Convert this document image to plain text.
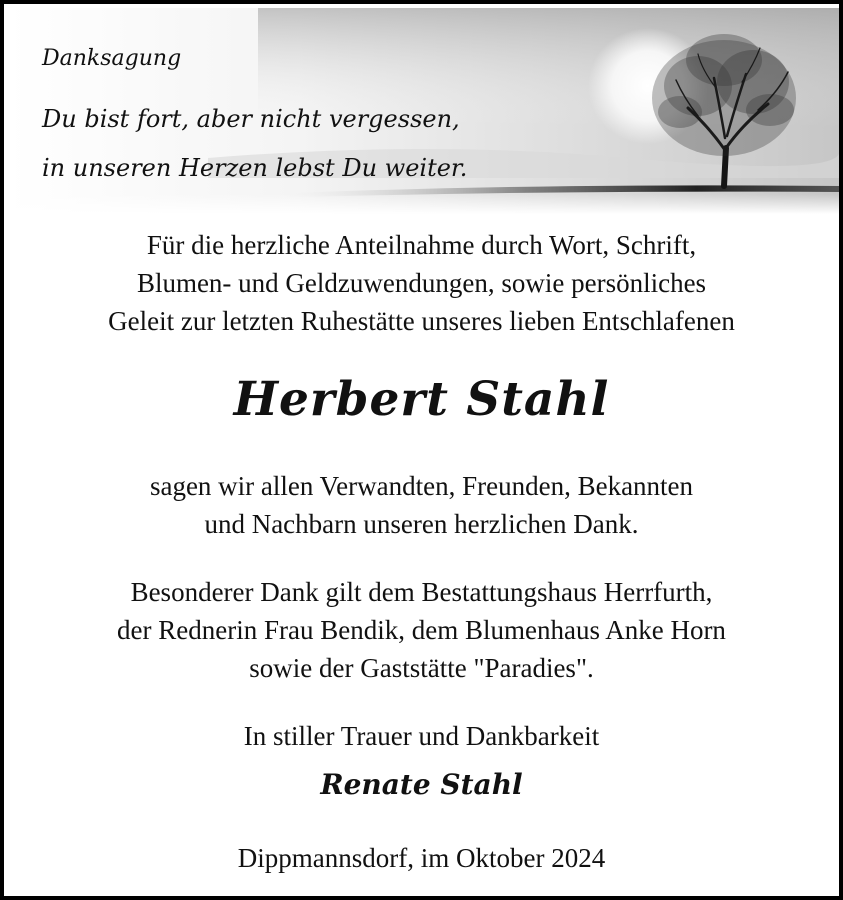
Danksagung
Du bist fort, aber nicht vergessen,
in unseren Herzen lebst Du weiter.
Für die herzliche Anteilnahme durch Wort, Schrift,
Blumen- und Geldzuwendungen, sowie persönliches
Geleit zur letzten Ruhestätte unseres lieben Entschlafenen
Herbert Stahl
sagen wir allen Verwandten, Freunden, Bekannten
und Nachbarn unseren herzlichen Dank.
Besonderer Dank gilt dem Bestattungshaus Herrfurth,
der Rednerin Frau Bendik, dem Blumenhaus Anke Horn
sowie der Gaststätte "Paradies".
In stiller Trauer und Dankbarkeit
Renate Stahl
Dippmannsdorf, im Oktober 2024
